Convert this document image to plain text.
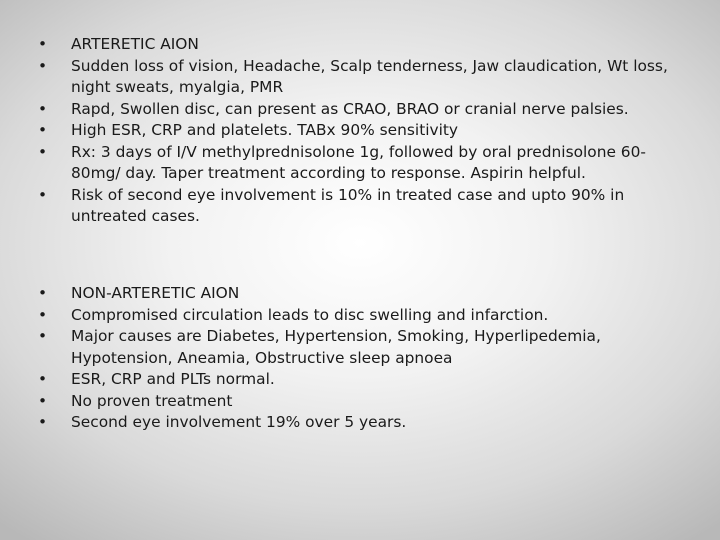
•	ARTERETIC AION
•	Sudden loss of vision, Headache, Scalp tenderness, Jaw claudication, Wt loss, night sweats, myalgia, PMR
•	Rapd, Swollen disc, can present as CRAO, BRAO or cranial nerve palsies.
•	High ESR, CRP and platelets. TABx 90% sensitivity
•	Rx: 3 days of I/V methylprednisolone 1g, followed by oral prednisolone 60-80mg/ day. Taper treatment according to response. Aspirin helpful.
•	Risk of second eye involvement is 10% in treated case and upto 90% in untreated cases.
•	NON-ARTERETIC AION
•	Compromised circulation leads to disc swelling and infarction.
•	Major causes are Diabetes, Hypertension, Smoking, Hyperlipedemia, Hypotension, Aneamia, Obstructive sleep apnoea
•	ESR, CRP and PLTs normal.
•	No proven treatment
•	Second eye involvement 19% over 5 years.
